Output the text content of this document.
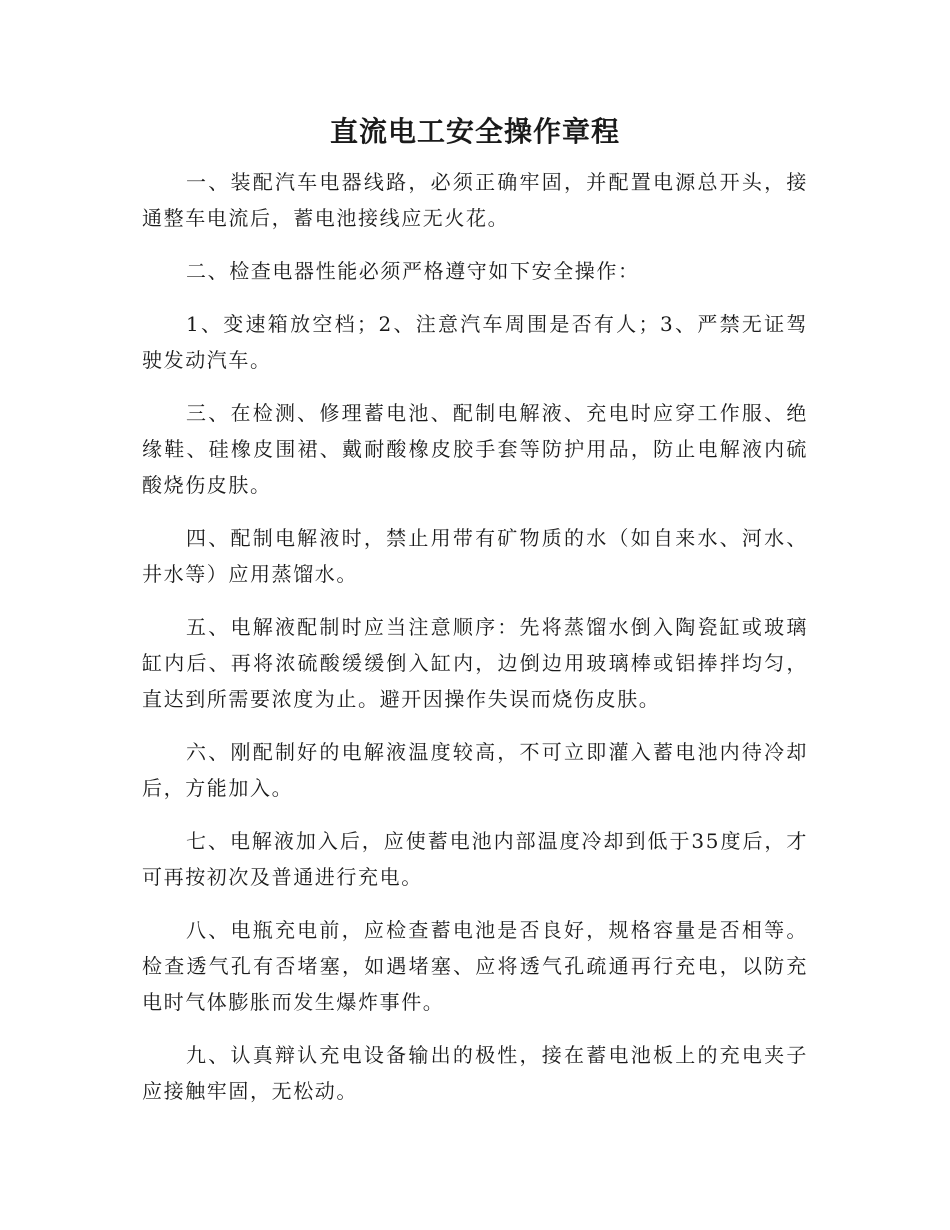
直流电工安全操作章程

一、装配汽车电器线路，必须正确牢固，并配置电源总开头，接通整车电流后，蓄电池接线应无火花。

二、检查电器性能必须严格遵守如下安全操作：

1、变速箱放空档；2、注意汽车周围是否有人；3、严禁无证驾驶发动汽车。

三、在检测、修理蓄电池、配制电解液、充电时应穿工作服、绝缘鞋、硅橡皮围裙、戴耐酸橡皮胶手套等防护用品，防止电解液内硫酸烧伤皮肤。

四、配制电解液时，禁止用带有矿物质的水（如自来水、河水、井水等）应用蒸馏水。

五、电解液配制时应当注意顺序：先将蒸馏水倒入陶瓷缸或玻璃缸内后、再将浓硫酸缓缓倒入缸内，边倒边用玻璃棒或铝捧拌均匀，直达到所需要浓度为止。避开因操作失误而烧伤皮肤。

六、刚配制好的电解液温度较高，不可立即灌入蓄电池内待冷却后，方能加入。

七、电解液加入后，应使蓄电池内部温度冷却到低于35度后，才可再按初次及普通进行充电。

八、电瓶充电前，应检查蓄电池是否良好，规格容量是否相等。检查透气孔有否堵塞，如遇堵塞、应将透气孔疏通再行充电，以防充电时气体膨胀而发生爆炸事件。

九、认真辩认充电设备输出的极性，接在蓄电池板上的充电夹子应接触牢固，无松动。
